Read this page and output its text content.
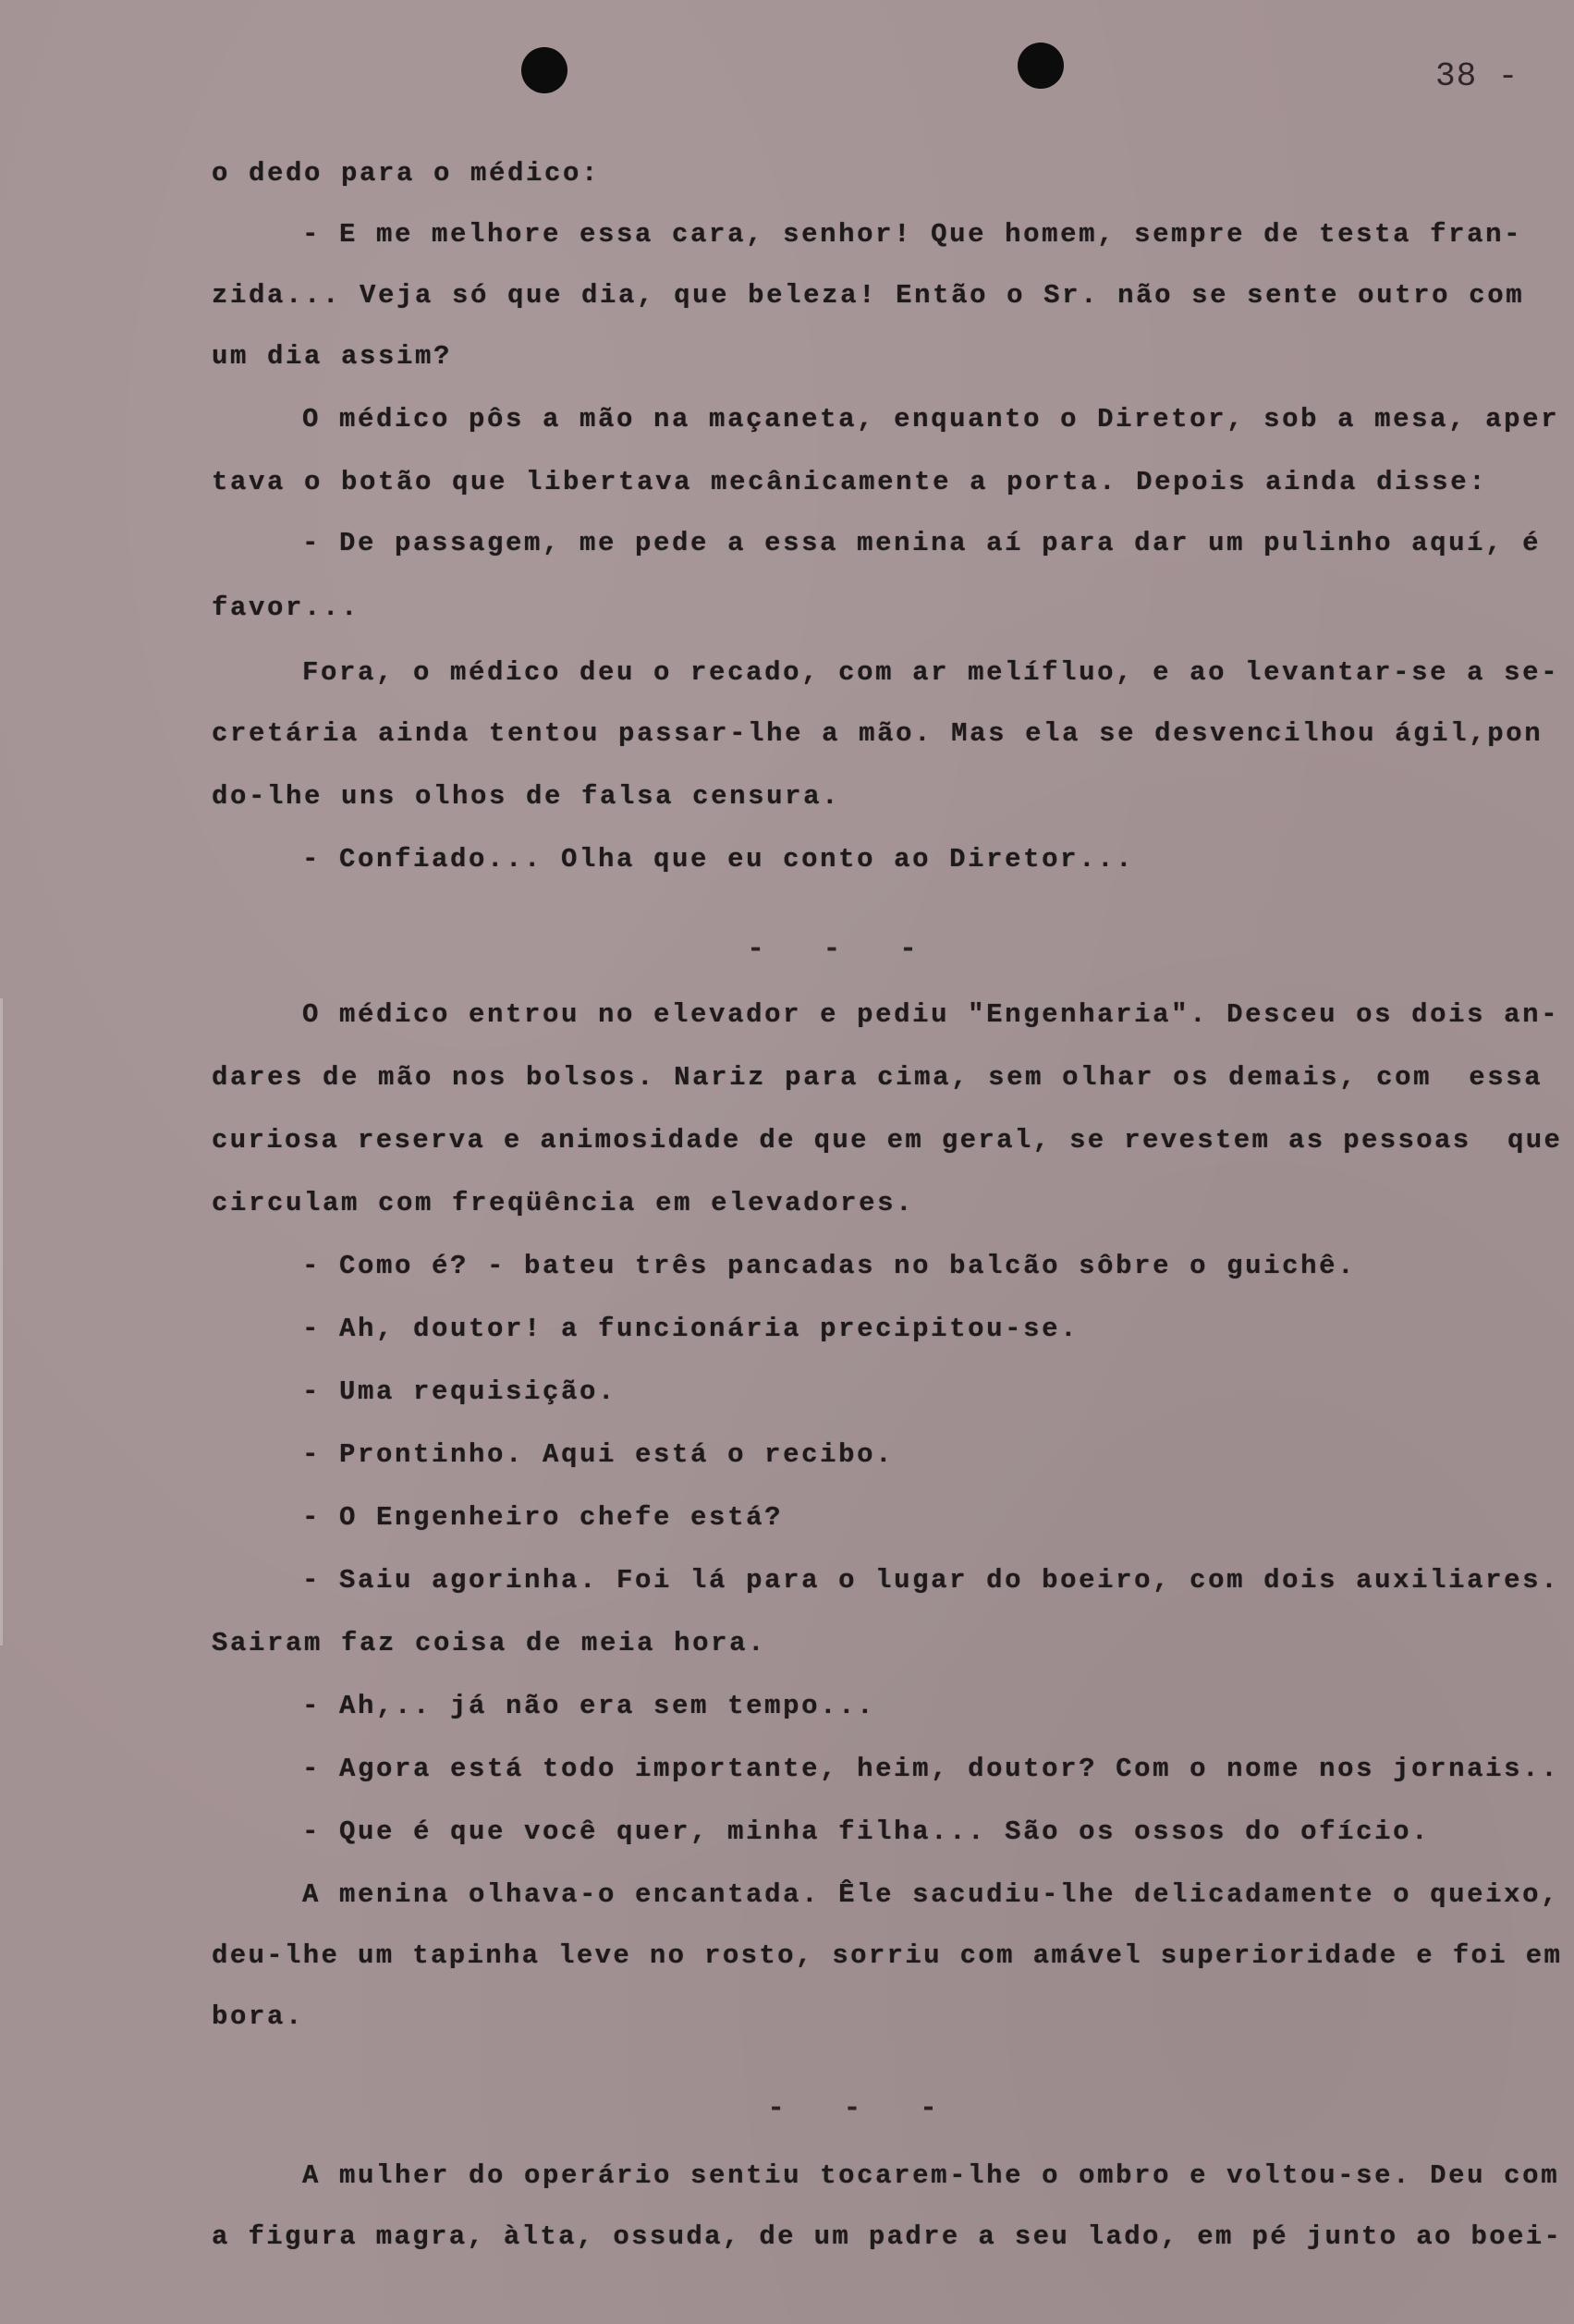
38 -
o dedo para o médico:
- E me melhore essa cara, senhor! Que homem, sempre de testa fran-
zida... Veja só que dia, que beleza! Então o Sr. não se sente outro com
um dia assim?
O médico pôs a mão na maçaneta, enquanto o Diretor, sob a mesa, aper
tava o botão que libertava mecânicamente a porta. Depois ainda disse:
- De passagem, me pede a essa menina aí para dar um pulinho aquí, é
favor...
Fora, o médico deu o recado, com ar melífluo, e ao levantar-se a se-
cretária ainda tentou passar-lhe a mão. Mas ela se desvencilhou ágil,pon
do-lhe uns olhos de falsa censura.
- Confiado... Olha que eu conto ao Diretor...
- - -
O médico entrou no elevador e pediu "Engenharia". Desceu os dois an-
dares de mão nos bolsos. Nariz para cima, sem olhar os demais, com  essa
curiosa reserva e animosidade de que em geral, se revestem as pessoas  que
circulam com freqüência em elevadores.
- Como é? - bateu três pancadas no balcão sôbre o guichê.
- Ah, doutor! a funcionária precipitou-se.
- Uma requisição.
- Prontinho. Aqui está o recibo.
- O Engenheiro chefe está?
- Saiu agorinha. Foi lá para o lugar do boeiro, com dois auxiliares.
Sairam faz coisa de meia hora.
- Ah,.. já não era sem tempo...
- Agora está todo importante, heim, doutor? Com o nome nos jornais..
- Que é que você quer, minha filha... São os ossos do ofício.
A menina olhava-o encantada. Êle sacudiu-lhe delicadamente o queixo,
deu-lhe um tapinha leve no rosto, sorriu com amável superioridade e foi em
bora.
- - -
A mulher do operário sentiu tocarem-lhe o ombro e voltou-se. Deu com
a figura magra, àlta, ossuda, de um padre a seu lado, em pé junto ao boei-
